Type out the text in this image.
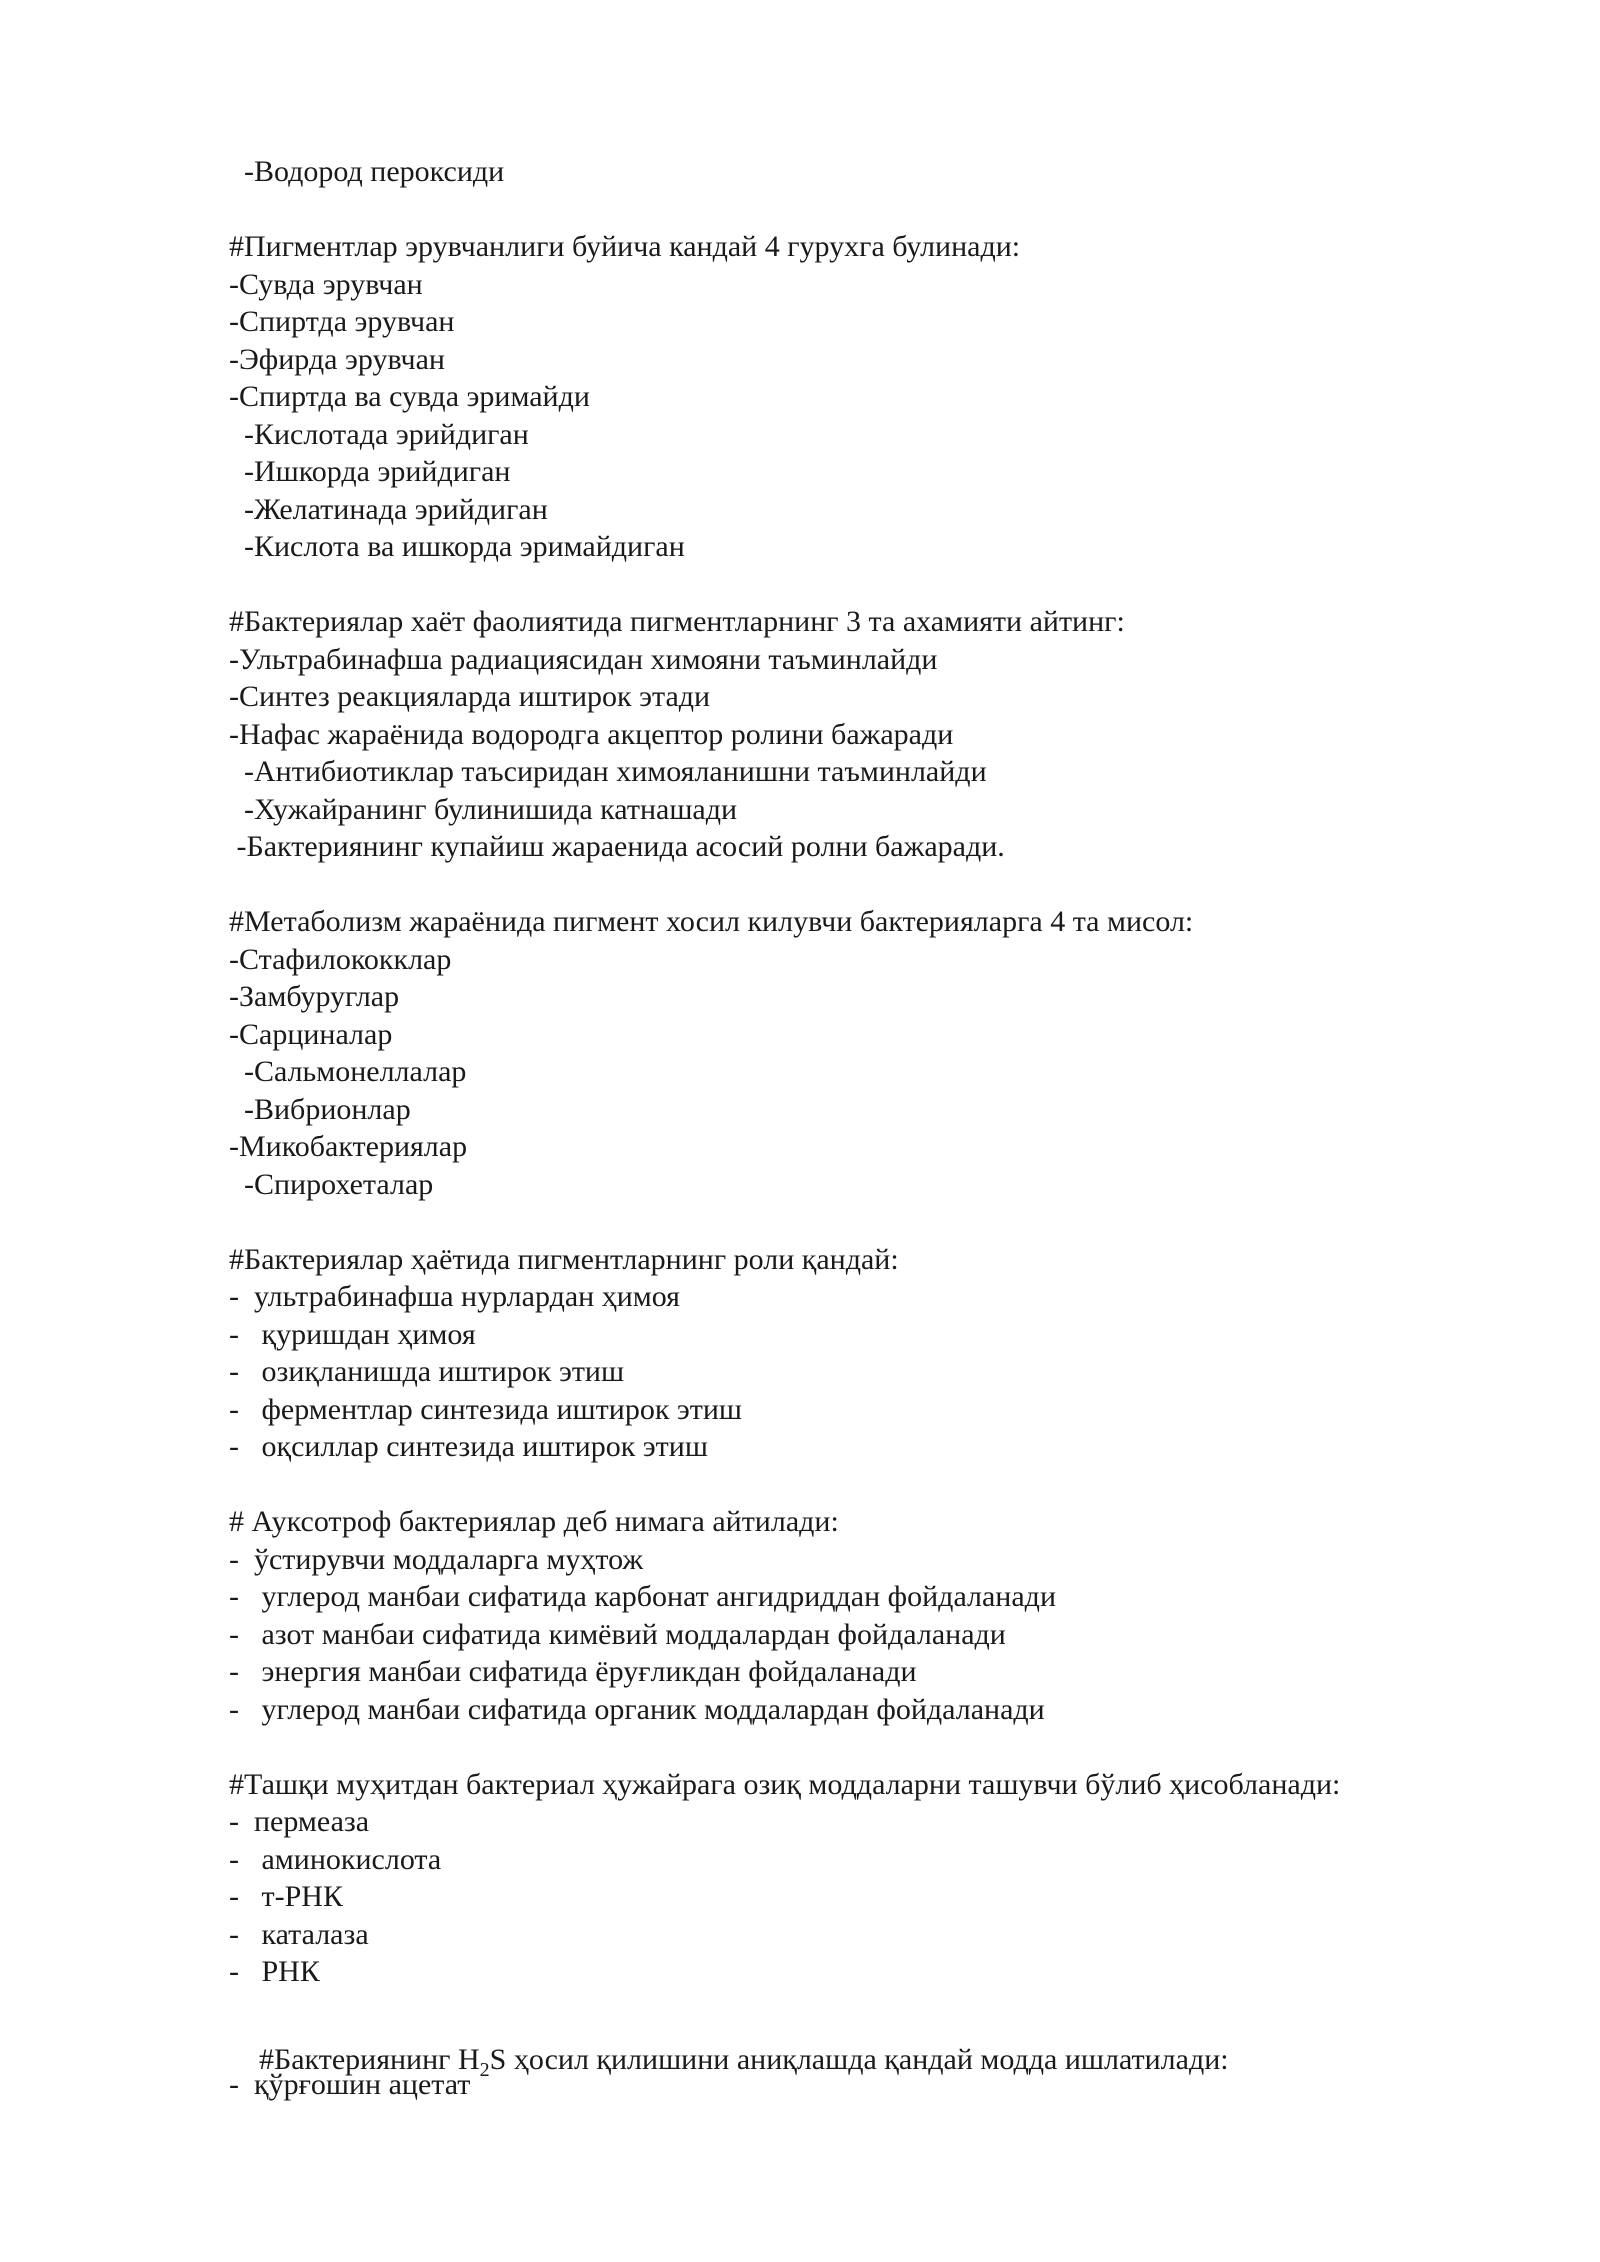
#Бактериянинг $H_2S$ ҳосил қилишини аниқлашда қандай модда ишлатилади:

-Водород пероксиди
#Пигментлар эрувчанлиги буйича кандай 4 гурухга булинади:
-Сувда эрувчан
-Спиртда эрувчан
-Эфирда эрувчан
-Спиртда ва сувда эримайди
-Кислотада эрийдиган
-Ишкорда эрийдиган
-Желатинада эрийдиган
-Кислота ва ишкорда эримайдиган
#Бактериялар хаёт фаолиятида пигментларнинг 3 та ахамияти айтинг:
-Ультрабинафша радиациясидан химояни таъминлайди
-Синтез реакцияларда иштирок этади
-Нафас жараёнида водородга акцептор ролини бажаради
-Антибиотиклар таъсиридан химояланишни таъминлайди
-Хужайранинг булинишида катнашади
-Бактериянинг купайиш жараенида асосий ролни бажаради.
#Метаболизм жараёнида пигмент хосил килувчи бактерияларга 4 та мисол:
-Стафилококклар
-Замбуруглар
-Сарциналар
-Сальмонеллалар
-Вибрионлар
-Микобактериялар
-Спирохеталар
#Бактериялар ҳаётида пигментларнинг роли қандай:
-  ультрабинафша нурлардан ҳимоя
-   қуришдан ҳимоя
-   озиқланишда иштирок этиш
-   ферментлар синтезида иштирок этиш
-   оқсиллар синтезида иштирок этиш
# Ауксотроф бактериялар деб нимага айтилади:
-  ўстирувчи моддаларга муҳтож
-   углерод манбаи сифатида карбонат ангидриддан фойдаланади
-   азот манбаи сифатида кимёвий моддалардан фойдаланади
-   энергия манбаи сифатида ёруғликдан фойдаланади
-   углерод манбаи сифатида органик моддалардан фойдаланади
#Ташқи муҳитдан бактериал ҳужайрага озиқ моддаларни ташувчи бўлиб ҳисобланади:
-  пермеаза
-   аминокислота
-   т-РНК
-   каталаза
-   РНК
-  қўрғошин ацетат
